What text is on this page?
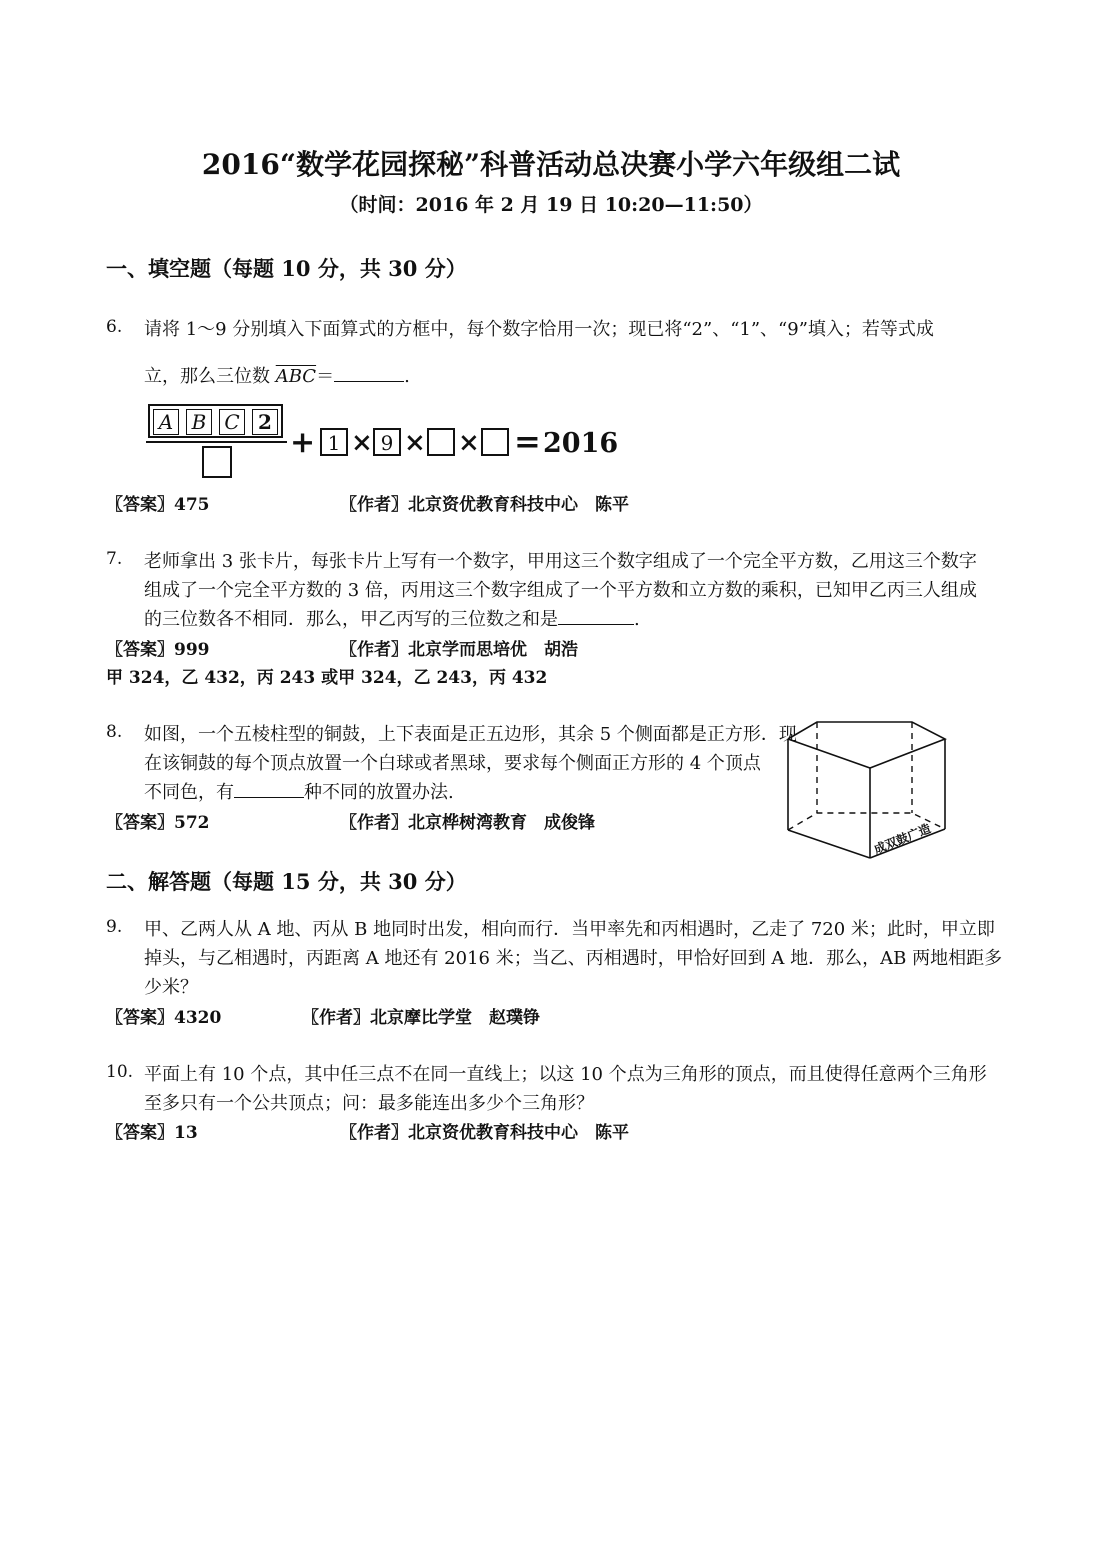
2016“数学花园探秘”科普活动总决赛小学六年级组二试
（时间：2016 年 2 月 19 日 10:20—11:50）
一、填空题（每题 10 分，共 30 分）
6. 请将 1～9 分别填入下面算式的方框中，每个数字恰用一次；现已将“2”、“1”、“9”填入；若等式成
立，那么三位数 $\overline{ABC}=$	.
A B C 2
+ 1 × 9 × × = 2016
〖答案〗475	〖作者〗北京资优教育科技中心　陈平
7. 老师拿出 3 张卡片，每张卡片上写有一个数字，甲用这三个数字组成了一个完全平方数，乙用这三个数字
组成了一个完全平方数的 3 倍，丙用这三个数字组成了一个平方数和立方数的乘积，已知甲乙丙三人组成
的三位数各不相同．那么，甲乙丙写的三位数之和是	.
〖答案〗999	〖作者〗北京学而思培优　胡浩
甲 324，乙 432，丙 243 或甲 324，乙 243，丙 432
8. 如图，一个五棱柱型的铜鼓，上下表面是正五边形，其余 5 个侧面都是正方形．现
在该铜鼓的每个顶点放置一个白球或者黑球，要求每个侧面正方形的 4 个顶点
不同色，有	种不同的放置办法.
〖答案〗572	〖作者〗北京桦树湾教育　成俊锋	成双鼓广造
二、解答题（每题 15 分，共 30 分）
9. 甲、乙两人从 A 地、丙从 B 地同时出发，相向而行．当甲率先和丙相遇时，乙走了 720 米；此时，甲立即
掉头，与乙相遇时，丙距离 A 地还有 2016 米；当乙、丙相遇时，甲恰好回到 A 地．那么，AB 两地相距多
少米？
〖答案〗4320	〖作者〗北京摩比学堂　赵璞铮
10. 平面上有 10 个点，其中任三点不在同一直线上；以这 10 个点为三角形的顶点，而且使得任意两个三角形
至多只有一个公共顶点；问：最多能连出多少个三角形？
〖答案〗13	〖作者〗北京资优教育科技中心　陈平
